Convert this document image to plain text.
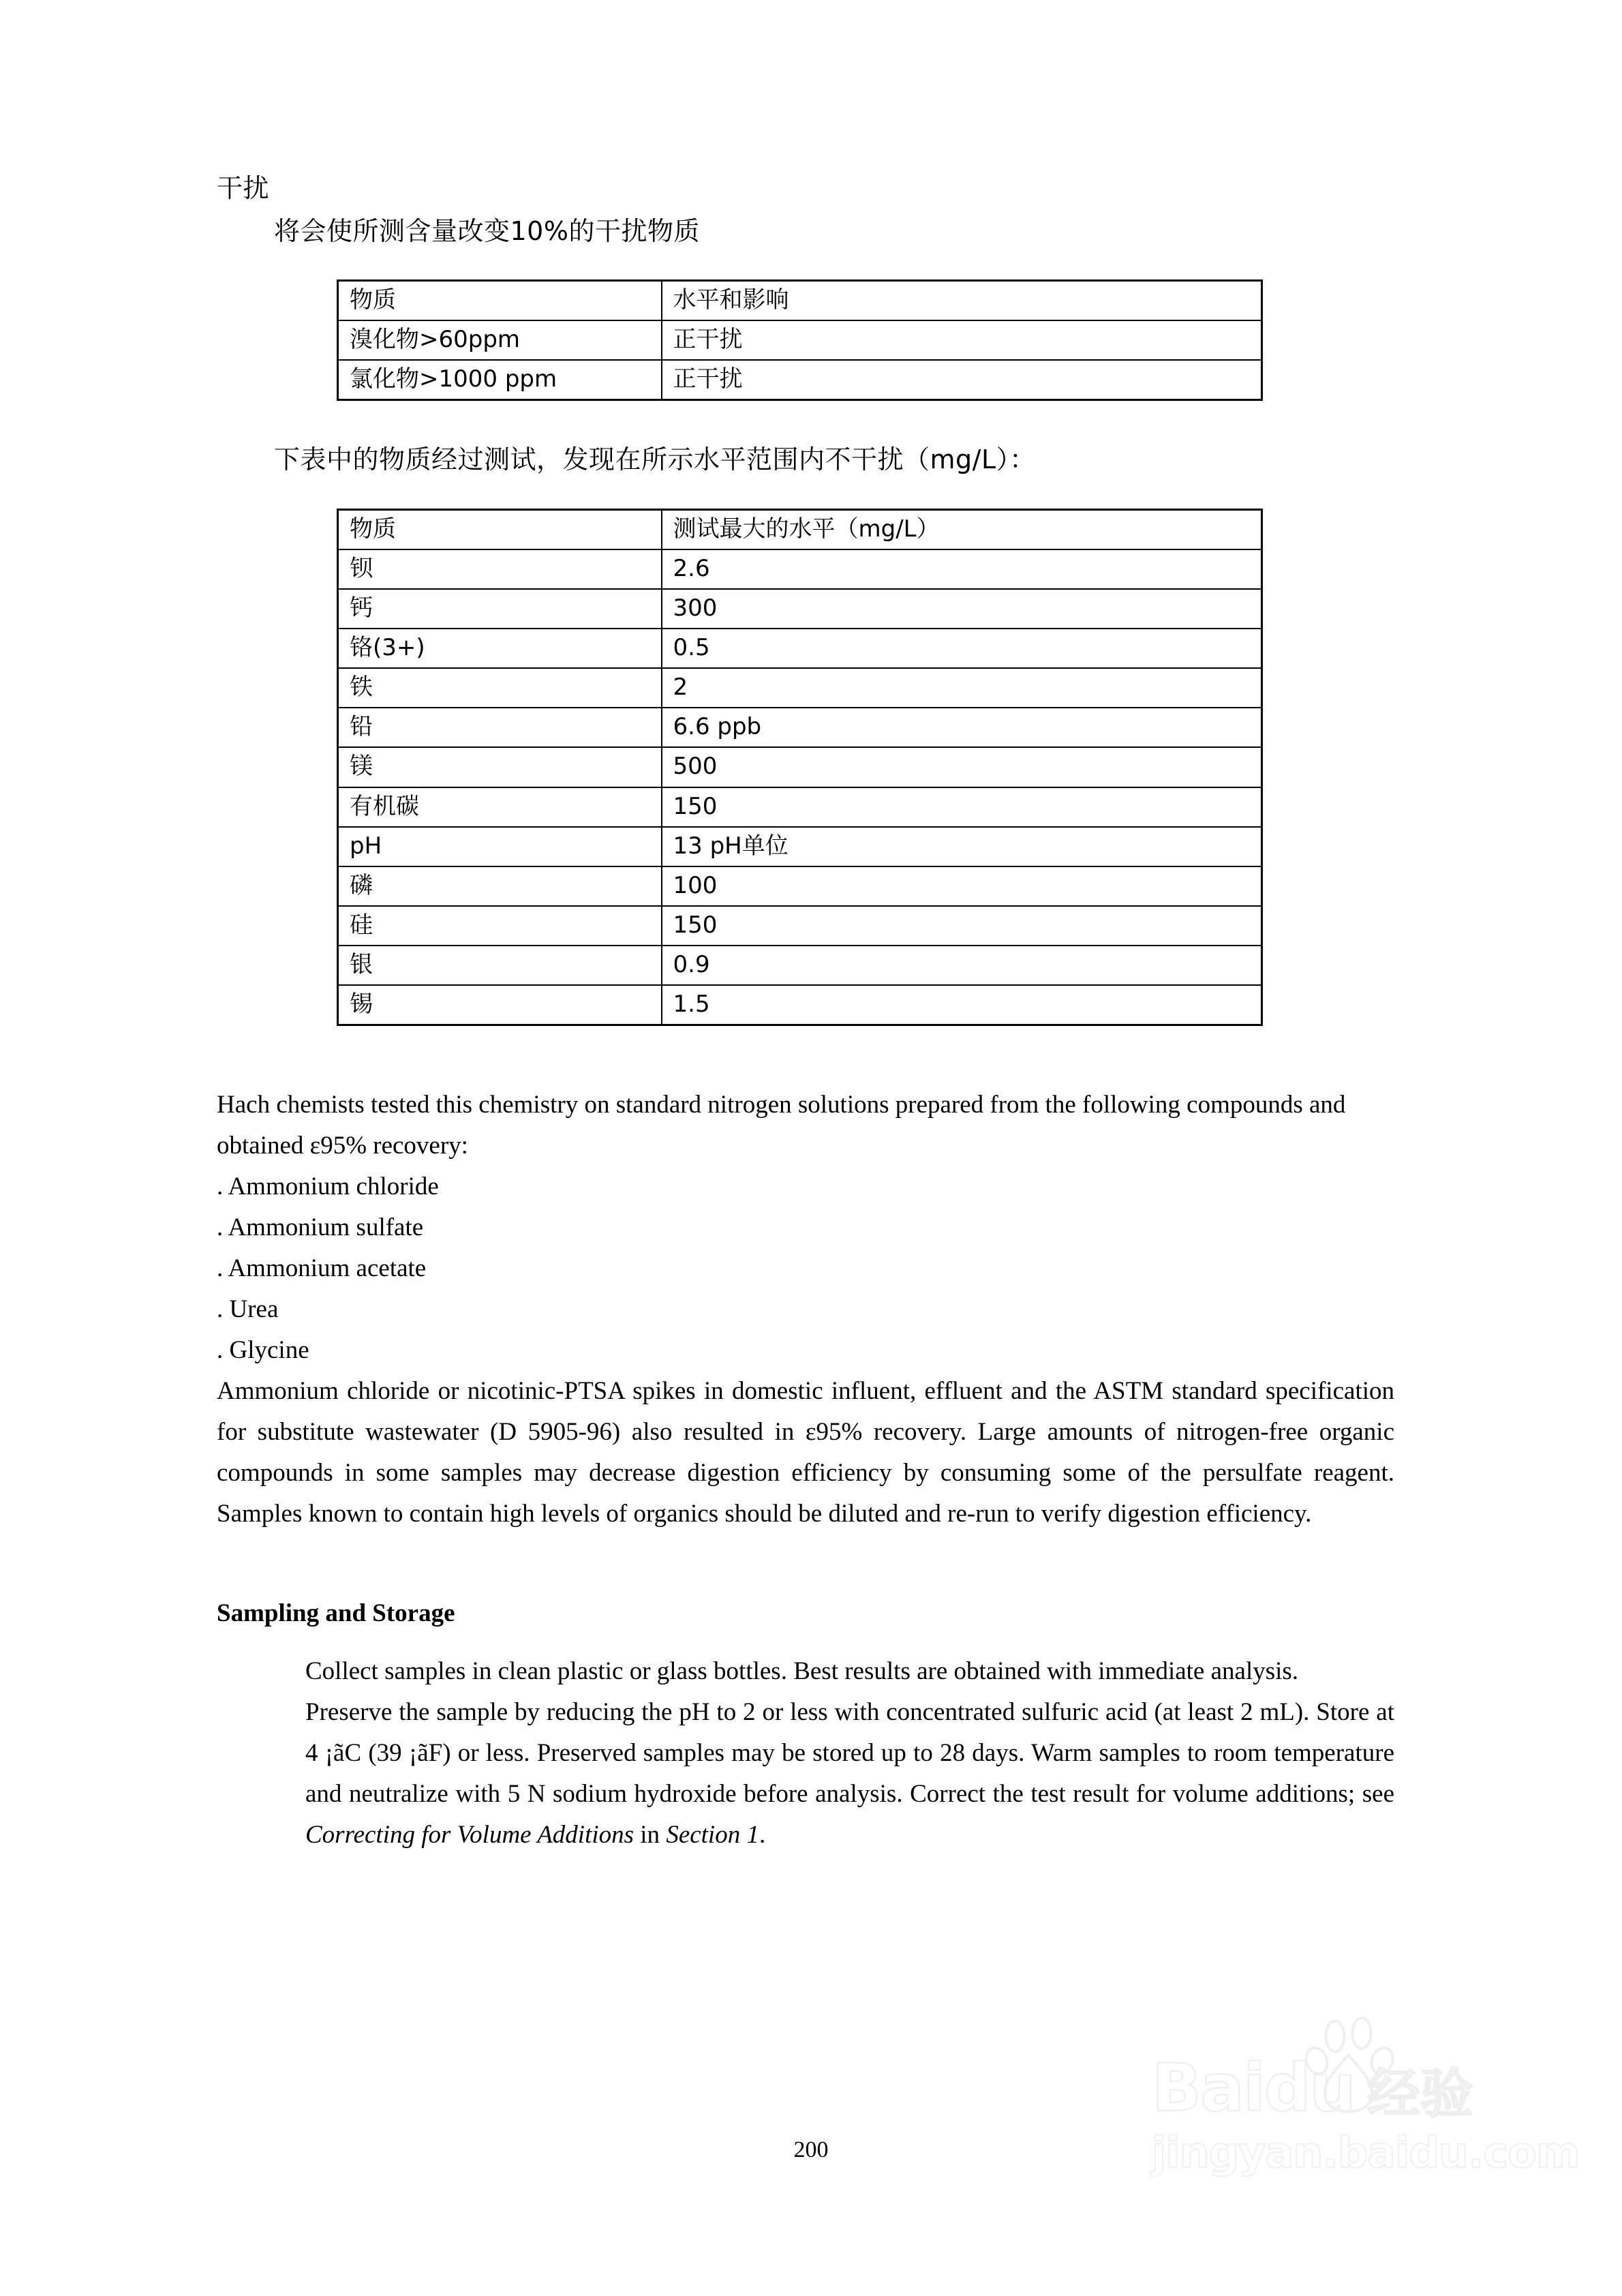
干扰
将会使所测含量改变10%的干扰物质
物质	水平和影响
溴化物>60ppm	正干扰
氯化物>1000 ppm	正干扰
下表中的物质经过测试，发现在所示水平范围内不干扰（mg/L）：
物质	测试最大的水平（mg/L）
钡	2.6
钙	300
铬(3+)	0.5
铁	2
铅	6.6 ppb
镁	500
有机碳	150
pH	13 pH单位
磷	100
硅	150
银	0.9
锡	1.5

Hach chemists tested this chemistry on standard nitrogen solutions prepared from the following compounds and obtained ε95% recovery:

. Ammonium chloride
. Ammonium sulfate
. Ammonium acetate
. Urea
. Glycine

Ammonium chloride or nicotinic-PTSA spikes in domestic influent, effluent and the ASTM standard specification for substitute wastewater (D 5905-96) also resulted in ε95% recovery. Large amounts of nitrogen-free organic compounds in some samples may decrease digestion efficiency by consuming some of the persulfate reagent. Samples known to contain high levels of organics should be diluted and re-run to verify digestion efficiency.

Sampling and Storage

Collect samples in clean plastic or glass bottles. Best results are obtained with immediate analysis.

Preserve the sample by reducing the pH to 2 or less with concentrated sulfuric acid (at least 2 mL). Store at 4 ¡ãC (39 ¡ãF) or less. Preserved samples may be stored up to 28 days. Warm samples to room temperature and neutralize with 5 N sodium hydroxide before analysis. Correct the test result for volume additions; see Correcting for Volume Additions in Section 1.

Baidu 经验
jingyan.baidu.com
200
